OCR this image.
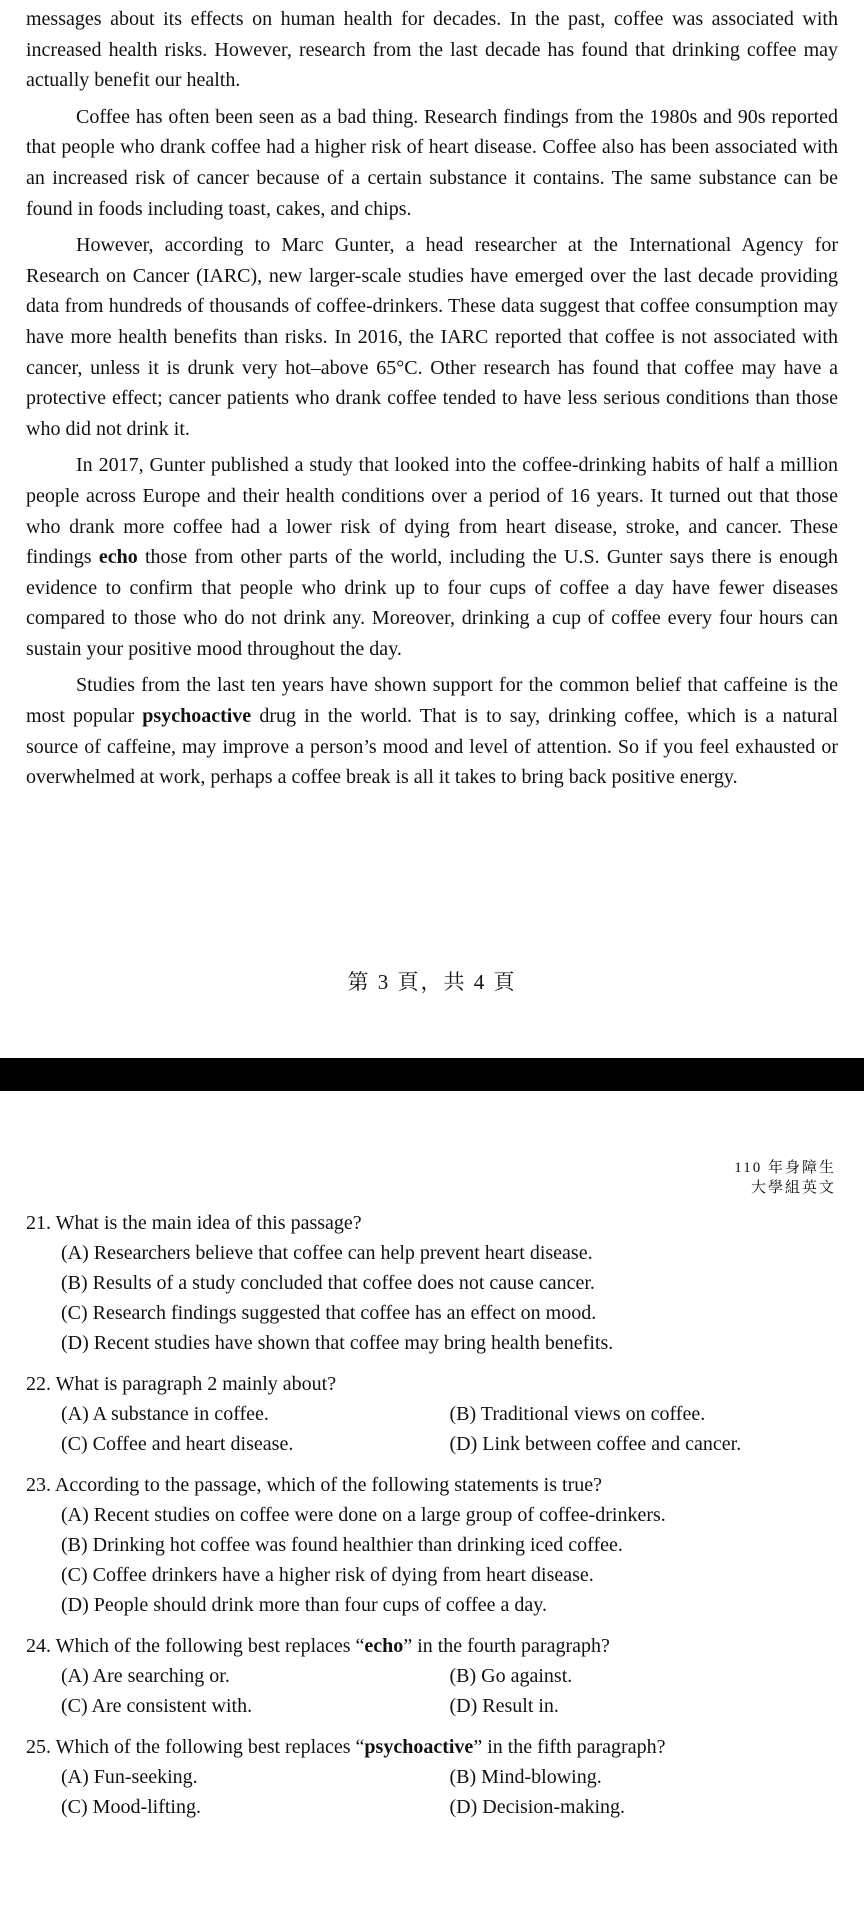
messages about its effects on human health for decades. In the past, coffee was associated with increased health risks. However, research from the last decade has found that drinking coffee may actually benefit our health.

Coffee has often been seen as a bad thing. Research findings from the 1980s and 90s reported that people who drank coffee had a higher risk of heart disease. Coffee also has been associated with an increased risk of cancer because of a certain substance it contains. The same substance can be found in foods including toast, cakes, and chips.

However, according to Marc Gunter, a head researcher at the International Agency for Research on Cancer (IARC), new larger-scale studies have emerged over the last decade providing data from hundreds of thousands of coffee-drinkers. These data suggest that coffee consumption may have more health benefits than risks. In 2016, the IARC reported that coffee is not associated with cancer, unless it is drunk very hot–above 65°C. Other research has found that coffee may have a protective effect; cancer patients who drank coffee tended to have less serious conditions than those who did not drink it.

In 2017, Gunter published a study that looked into the coffee-drinking habits of half a million people across Europe and their health conditions over a period of 16 years. It turned out that those who drank more coffee had a lower risk of dying from heart disease, stroke, and cancer. These findings echo those from other parts of the world, including the U.S. Gunter says there is enough evidence to confirm that people who drink up to four cups of coffee a day have fewer diseases compared to those who do not drink any. Moreover, drinking a cup of coffee every four hours can sustain your positive mood throughout the day.

Studies from the last ten years have shown support for the common belief that caffeine is the most popular psychoactive drug in the world. That is to say, drinking coffee, which is a natural source of caffeine, may improve a person’s mood and level of attention. So if you feel exhausted or overwhelmed at work, perhaps a coffee break is all it takes to bring back positive energy.

第 3 頁，共 4 頁
110 年身障生
大學組英文
21. What is the main idea of this passage?
(A) Researchers believe that coffee can help prevent heart disease.
(B) Results of a study concluded that coffee does not cause cancer.
(C) Research findings suggested that coffee has an effect on mood.
(D) Recent studies have shown that coffee may bring health benefits.
22. What is paragraph 2 mainly about?
(A) A substance in coffee.	(B) Traditional views on coffee.
(C) Coffee and heart disease.	(D) Link between coffee and cancer.
23. According to the passage, which of the following statements is true?
(A) Recent studies on coffee were done on a large group of coffee-drinkers.
(B) Drinking hot coffee was found healthier than drinking iced coffee.
(C) Coffee drinkers have a higher risk of dying from heart disease.
(D) People should drink more than four cups of coffee a day.
24. Which of the following best replaces “echo” in the fourth paragraph?
(A) Are searching or.	(B) Go against.
(C) Are consistent with.	(D) Result in.
25. Which of the following best replaces “psychoactive” in the fifth paragraph?
(A) Fun-seeking.	(B) Mind-blowing.
(C) Mood-lifting.	(D) Decision-making.
